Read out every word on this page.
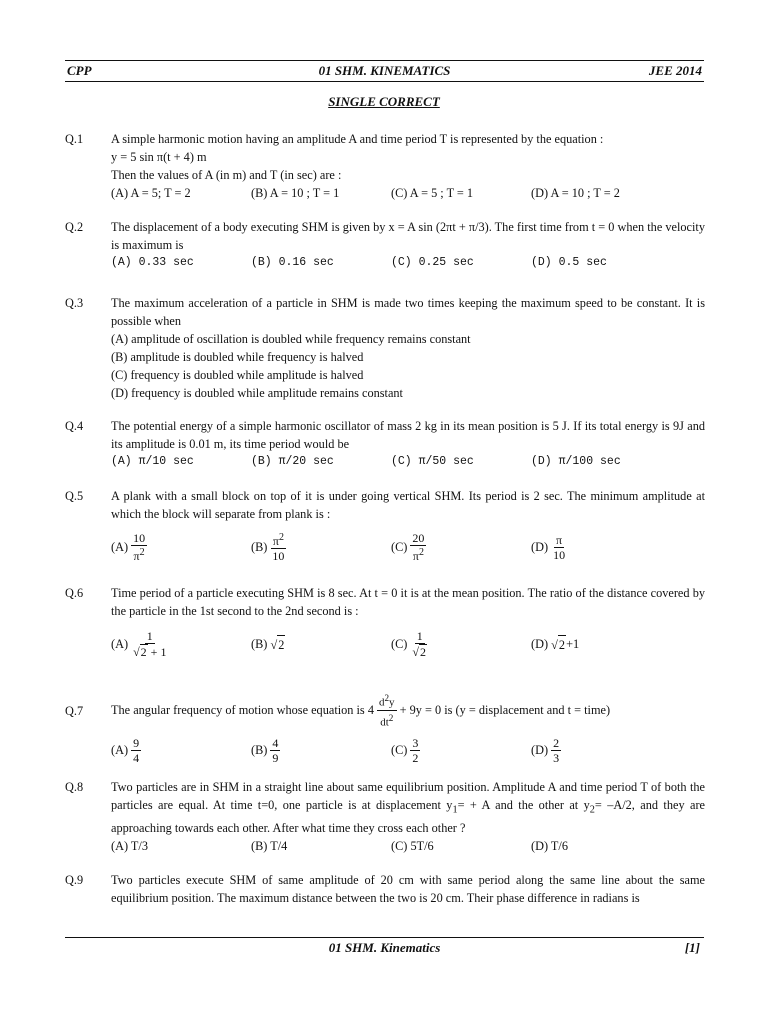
CPP	01 SHM. KINEMATICS	JEE 2014
SINGLE CORRECT
Q.1 A simple harmonic motion having an amplitude A and time period T is represented by the equation :
y = 5 sin π(t + 4) m
Then the values of A (in m) and T (in sec) are :
(A) A = 5; T = 2	(B) A = 10 ; T = 1	(C) A = 5 ; T = 1	(D) A = 10 ; T = 2
Q.2 The displacement of a body executing SHM is given by x = A sin (2πt + π/3). The first time from t = 0 when the velocity is maximum is
(A) 0.33 sec	(B) 0.16 sec	(C) 0.25 sec	(D) 0.5 sec
Q.3 The maximum acceleration of a particle in SHM is made two times keeping the maximum speed to be constant. It is possible when
(A) amplitude of oscillation is doubled while frequency remains constant
(B) amplitude is doubled while frequency is halved
(C) frequency is doubled while amplitude is halved
(D) frequency is doubled while amplitude remains constant
Q.4 The potential energy of a simple harmonic oscillator of mass 2 kg in its mean position is 5 J. If its total energy is 9J and its amplitude is 0.01 m, its time period would be
(A) π/10 sec	(B) π/20 sec	(C) π/50 sec	(D) π/100 sec
Q.5 A plank with a small block on top of it is under going vertical SHM. Its period is 2 sec. The minimum amplitude at which the block will separate from plank is :
$(A) \frac{10}{\pi^2}$	$(B) \frac{\pi^2}{10}$	$(C) \frac{20}{\pi^2}$	$(D) \frac{\pi}{10}$
Q.6 Time period of a particle executing SHM is 8 sec. At t = 0 it is at the mean position. The ratio of the distance covered by the particle in the 1st second to the 2nd second is :
$(A) \frac{1}{√2 + 1}$	(B)
√2	$(C) \frac{1}{√2}$	(D)
√2 +1
Q.7 The angular frequency of motion whose equation is
$4 \frac{d^2y}{dt^2}$
+ 9y = 0 is (y = displacement and t = time)
$(A) \frac{9}{4}$	$(B) \frac{4}{9}$	$(C) \frac{3}{2}$	$(D) \frac{2}{3}$
Q.8 Two particles are in SHM in a straight line about same equilibrium position. Amplitude A and time period T of both the particles are equal. At time t=0, one particle is at displacement $y_1= + A$ and the other at $y_2= -A/2$, and they are approaching towards each other. After what time they cross each other ?
(A) T/3	(B) T/4	(C) 5T/6	(D) T/6
Q.9 Two particles execute SHM of same amplitude of 20 cm with same period along the same line about the same equilibrium position. The maximum distance between the two is 20 cm. Their phase difference in radians is
01 SHM. Kinematics	[1]
